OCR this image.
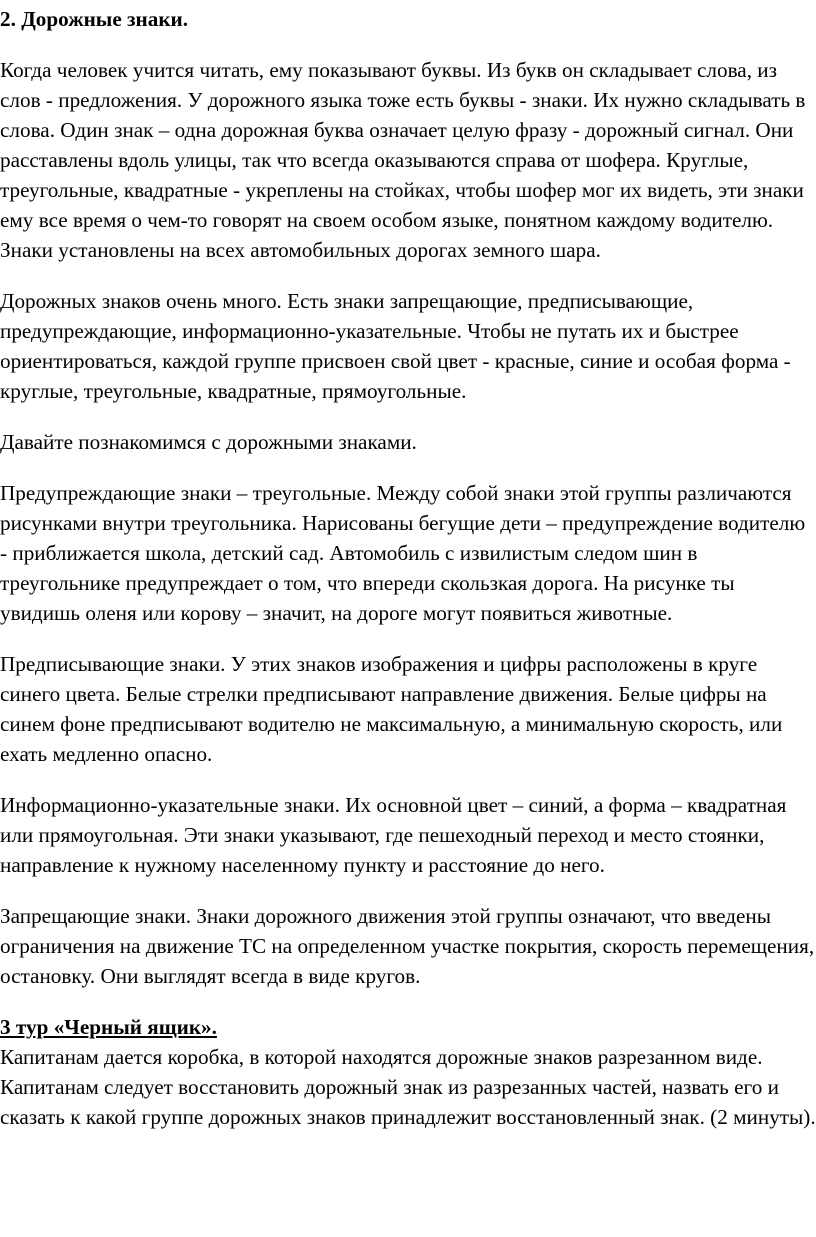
2. Дорожные знаки.

Когда человек учится читать, ему показывают буквы. Из букв он складывает слова, из слов - предложения. У дорожного языка тоже есть буквы - знаки. Их нужно складывать в слова. Один знак – одна дорожная буква означает целую фразу - дорожный сигнал. Они расставлены вдоль улицы, так что всегда оказываются справа от шофера. Круглые, треугольные, квадратные - укреплены на стойках, чтобы шофер мог их видеть, эти знаки ему все время о чем-то говорят на своем особом языке, понятном каждому водителю. Знаки установлены на всех автомобильных дорогах земного шара.

Дорожных знаков очень много. Есть знаки запрещающие, предписывающие, предупреждающие, информационно-указательные. Чтобы не путать их и быстрее ориентироваться, каждой группе присвоен свой цвет - красные, синие и особая форма - круглые, треугольные, квадратные, прямоугольные.

Давайте познакомимся с дорожными знаками.

Предупреждающие знаки – треугольные. Между собой знаки этой группы различаются рисунками внутри треугольника. Нарисованы бегущие дети – предупреждение водителю - приближается школа, детский сад. Автомобиль с извилистым следом шин в треугольнике предупреждает о том, что впереди скользкая дорога. На рисунке ты увидишь оленя или корову – значит, на дороге могут появиться животные.

Предписывающие знаки. У этих знаков изображения и цифры расположены в круге синего цвета. Белые стрелки предписывают направление движения. Белые цифры на синем фоне предписывают водителю не максимальную, а минимальную скорость, или ехать медленно опасно.

Информационно-указательные знаки. Их основной цвет – синий, а форма – квадратная или прямоугольная. Эти знаки указывают, где пешеходный переход и место стоянки, направление к нужному населенному пункту и расстояние до него.

Запрещающие знаки. Знаки дорожного движения этой группы означают, что введены ограничения на движение ТС на определенном участке покрытия, скорость перемещения, остановку. Они выглядят всегда в виде кругов.

3 тур «Черный ящик».

Капитанам дается коробка, в которой находятся дорожные знаков разрезанном виде. Капитанам следует восстановить дорожный знак из разрезанных частей, назвать его и сказать к какой группе дорожных знаков принадлежит восстановленный знак. (2 минуты).
